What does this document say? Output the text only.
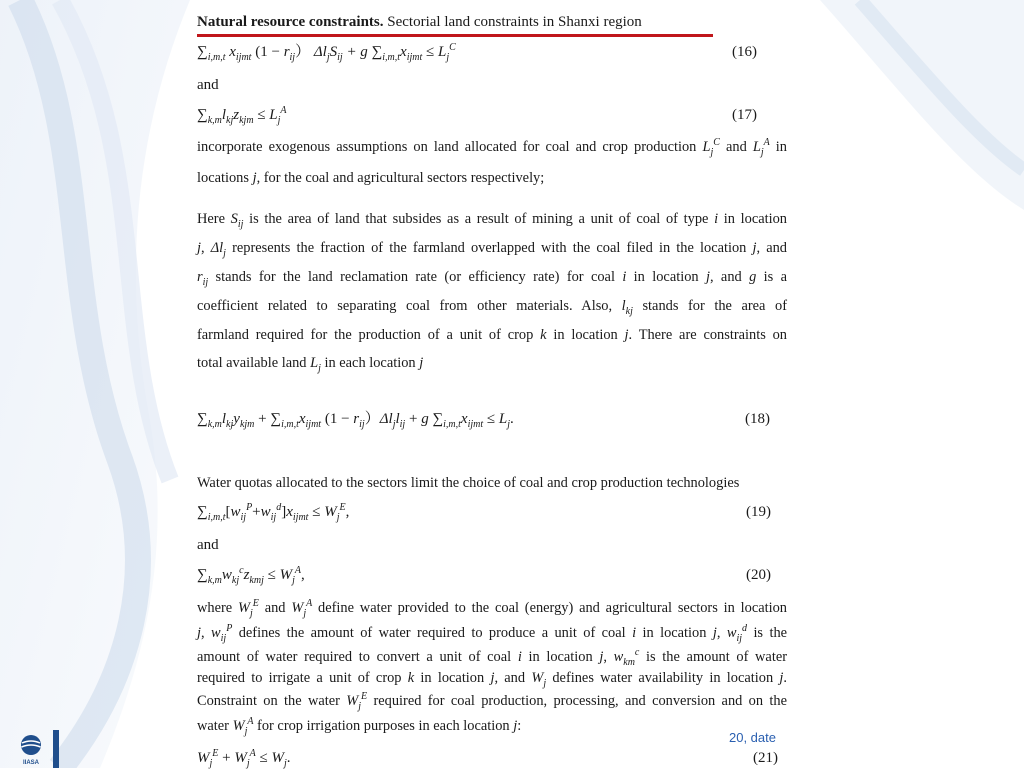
Natural resource constraints. Sectorial land constraints in Shanxi region
$\sum_{i,m,t}$ $x_{ijmt}$ $(1 - r_{ij})$ $\Delta l_jS_{ij} + g$ $\sum_{i,m,t}x_{ijmt} \le L_j^C$	(16)
and
$\sum_{k,m}l_{kj}z_{kjm} \le L_j^A$	(17)
incorporate exogenous assumptions on land allocated for coal and crop production $L_j^C$ and $L_j^A$ in
locations j, for the coal and agricultural sectors respectively;
Here $S_{ij}$ is the area of land that subsides as a result of mining a unit of coal of type i in location
j, $\Delta l_j$ represents the fraction of the farmland overlapped with the coal filed in the location j, and
$r_{ij}$ stands for the land reclamation rate (or efficiency rate) for coal i in location j, and g is a
coefficient related to separating coal from other materials. Also, $l_{kj}$ stands for the area of
farmland required for the production of a unit of crop k in location j. There are constraints on
total available land $L_j$ in each location j
$\sum_{k,m}l_{kj}y_{kjm} + \sum_{i,m,t}x_{ijmt}$ $(1 - r_{ij})\Delta l_jl_{ij} + g$ $\sum_{i,m,t}x_{ijmt} \le L_j$.	(18)
Water quotas allocated to the sectors limit the choice of coal and crop production technologies
$\sum_{i,m,t}[w_{ij}^P+w_{ij}^d]x_{ijmt} \le W_j^E$,	(19)
and
$\sum_{k,m}w_{kj}^cz_{kmj} \le W_j^A$,	(20)
where $W_j^E$ and $W_j^A$ define water provided to the coal (energy) and agricultural sectors in location
j, $w_{ij}^P$ defines the amount of water required to produce a unit of coal i in location j, $w_{ij}^d$ is the
amount of water required to convert a unit of coal i in location j, $w_{km}^c$ is the amount of water
required to irrigate a unit of crop k in location j, and $W_j$ defines water availability in location j.
Constraint on the water $W_j^E$ required for coal production, processing, and conversion and on the
water $W_j^A$ for crop irrigation purposes in each location j:
$W_j^E + W_j^A \le W_j$.	(21)
20, date
IIASA
